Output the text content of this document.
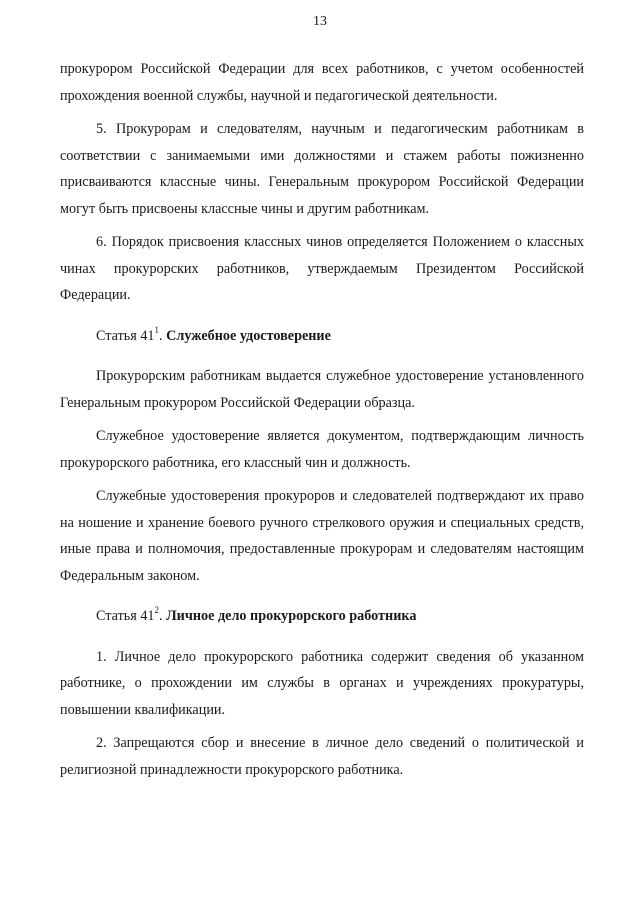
13

прокурором Российской Федерации для всех работников, с учетом особенностей прохождения военной службы, научной и педагогической деятельности.

5. Прокурорам и следователям, научным и педагогическим работникам в соответствии с занимаемыми ими должностями и стажем работы пожизненно присваиваются классные чины. Генеральным прокурором Российской Федерации могут быть присвоены классные чины и другим работникам.

6. Порядок присвоения классных чинов определяется Положением о классных чинах прокурорских работников, утверждаемым Президентом Российской Федерации.

Статья $41^1$. Служебное удостоверение

Прокурорским работникам выдается служебное удостоверение установленного Генеральным прокурором Российской Федерации образца.

Служебное удостоверение является документом, подтверждающим личность прокурорского работника, его классный чин и должность.

Служебные удостоверения прокуроров и следователей подтверждают их право на ношение и хранение боевого ручного стрелкового оружия и специальных средств, иные права и полномочия, предоставленные прокурорам и следователям настоящим Федеральным законом.

Статья $41^2$. Личное дело прокурорского работника

1. Личное дело прокурорского работника содержит сведения об указанном работнике, о прохождении им службы в органах и учреждениях прокуратуры, повышении квалификации.

2. Запрещаются сбор и внесение в личное дело сведений о политической и религиозной принадлежности прокурорского работника.
